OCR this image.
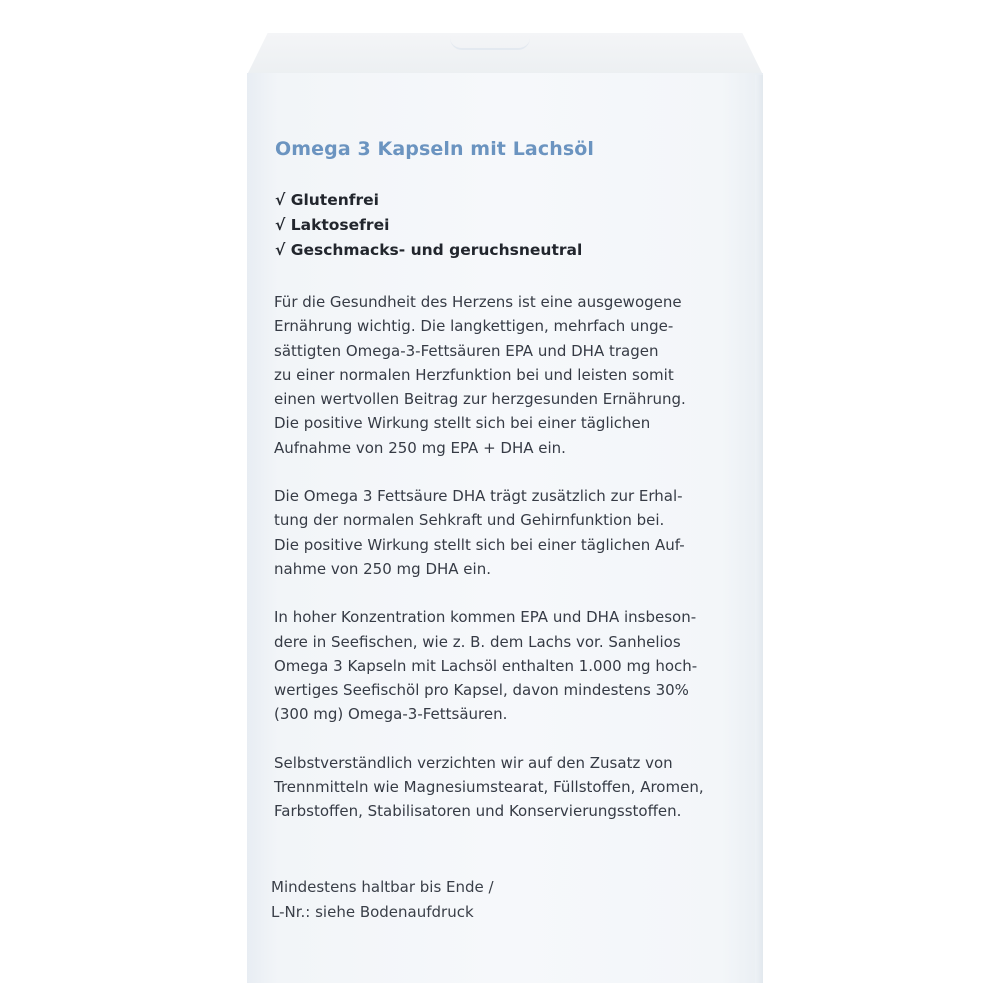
Omega 3 Kapseln mit Lachsöl
√ Glutenfrei
√ Laktosefrei
√ Geschmacks- und geruchsneutral

Für die Gesundheit des Herzens ist eine ausgewogene
Ernährung wichtig. Die langkettigen, mehrfach unge-
sättigten Omega-3-Fettsäuren EPA und DHA tragen
zu einer normalen Herzfunktion bei und leisten somit
einen wertvollen Beitrag zur herzgesunden Ernährung.
Die positive Wirkung stellt sich bei einer täglichen
Aufnahme von 250 mg EPA + DHA ein.

Die Omega 3 Fettsäure DHA trägt zusätzlich zur Erhal-
tung der normalen Sehkraft und Gehirnfunktion bei.
Die positive Wirkung stellt sich bei einer täglichen Auf-
nahme von 250 mg DHA ein.

In hoher Konzentration kommen EPA und DHA insbeson-
dere in Seefischen, wie z. B. dem Lachs vor. Sanhelios
Omega 3 Kapseln mit Lachsöl enthalten 1.000 mg hoch-
wertiges Seefischöl pro Kapsel, davon mindestens 30%
(300 mg) Omega-3-Fettsäuren.

Selbstverständlich verzichten wir auf den Zusatz von
Trennmitteln wie Magnesiumstearat, Füllstoffen, Aromen,
Farbstoffen, Stabilisatoren und Konservierungsstoffen.

Mindestens haltbar bis Ende /
L-Nr.: siehe Bodenaufdruck
